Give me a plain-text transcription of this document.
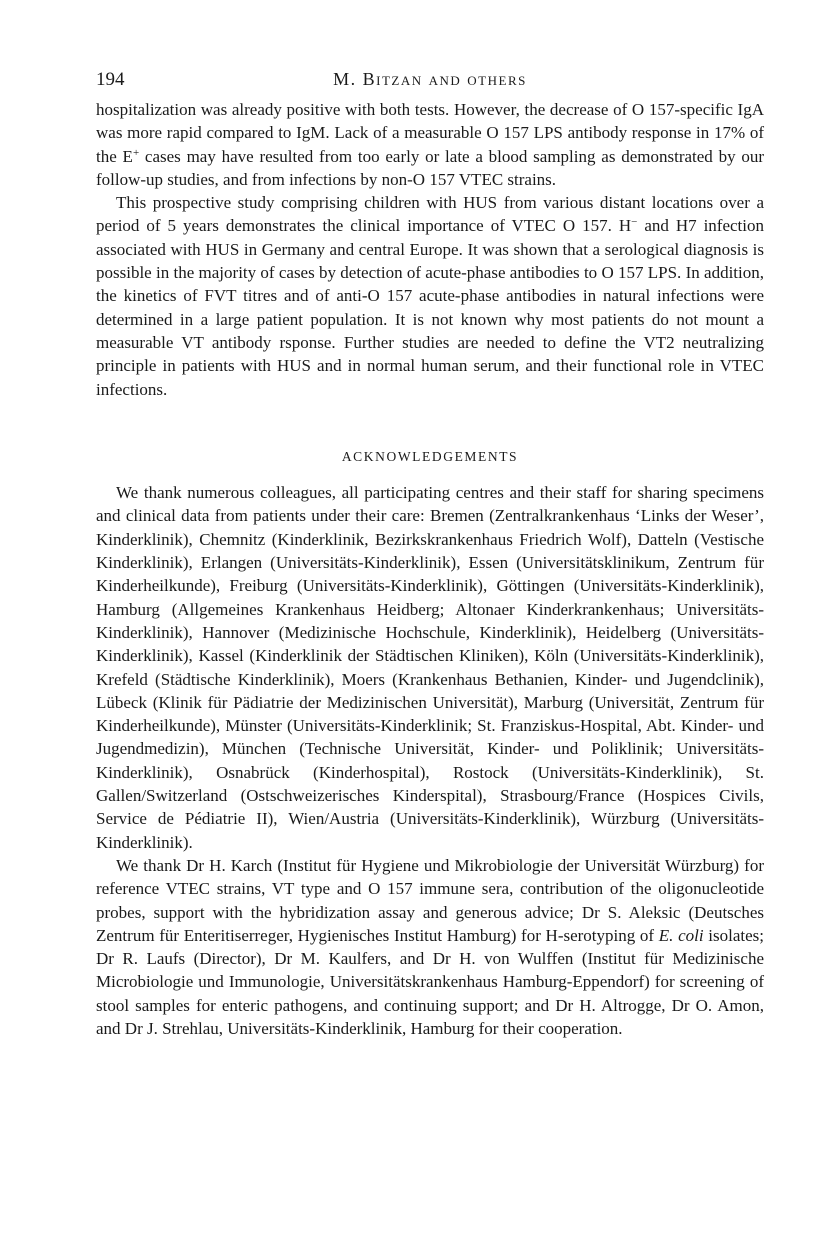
194	M. Bitzan and others

hospitalization was already positive with both tests. However, the decrease of O 157-specific IgA was more rapid compared to IgM. Lack of a measurable O 157 LPS antibody response in 17% of the E+ cases may have resulted from too early or late a blood sampling as demonstrated by our follow-up studies, and from infections by non-O 157 VTEC strains.

This prospective study comprising children with HUS from various distant locations over a period of 5 years demonstrates the clinical importance of VTEC O 157. H− and H7 infection associated with HUS in Germany and central Europe. It was shown that a serological diagnosis is possible in the majority of cases by detection of acute-phase antibodies to O 157 LPS. In addition, the kinetics of FVT titres and of anti-O 157 acute-phase antibodies in natural infections were determined in a large patient population. It is not known why most patients do not mount a measurable VT antibody rsponse. Further studies are needed to define the VT2 neutralizing principle in patients with HUS and in normal human serum, and their functional role in VTEC infections.

ACKNOWLEDGEMENTS

We thank numerous colleagues, all participating centres and their staff for sharing specimens and clinical data from patients under their care: Bremen (Zentralkrankenhaus ‘Links der Weser’, Kinderklinik), Chemnitz (Kinderklinik, Bezirkskrankenhaus Friedrich Wolf), Datteln (Vestische Kinderklinik), Erlangen (Universitäts-Kinderklinik), Essen (Universitätsklinikum, Zentrum für Kinderheilkunde), Freiburg (Universitäts-Kinderklinik), Göttingen (Universitäts-Kinderklinik), Hamburg (Allgemeines Krankenhaus Heidberg; Altonaer Kinderkrankenhaus; Universitäts-Kinderklinik), Hannover (Medizinische Hochschule, Kinderklinik), Heidelberg (Universitäts-Kinderklinik), Kassel (Kinderklinik der Städtischen Kliniken), Köln (Universitäts-Kinderklinik), Krefeld (Städtische Kinderklinik), Moers (Krankenhaus Bethanien, Kinder- und Jugendclinik), Lübeck (Klinik für Pädiatrie der Medizinischen Universität), Marburg (Universität, Zentrum für Kinderheilkunde), Münster (Universitäts-Kinderklinik; St. Franziskus-Hospital, Abt. Kinder- und Jugendmedizin), München (Technische Universität, Kinder- und Poliklinik; Universitäts-Kinderklinik), Osnabrück (Kinderhospital), Rostock (Universitäts-Kinderklinik), St. Gallen/Switzerland (Ostschweizerisches Kinderspital), Strasbourg/France (Hospices Civils, Service de Pédiatrie II), Wien/Austria (Universitäts-Kinderklinik), Würzburg (Universitäts-Kinderklinik).

We thank Dr H. Karch (Institut für Hygiene und Mikrobiologie der Universität Würzburg) for reference VTEC strains, VT type and O 157 immune sera, contribution of the oligonucleotide probes, support with the hybridization assay and generous advice; Dr S. Aleksic (Deutsches Zentrum für Enteritiserreger, Hygienisches Institut Hamburg) for H-serotyping of E. coli isolates; Dr R. Laufs (Director), Dr M. Kaulfers, and Dr H. von Wulffen (Institut für Medizinische Microbiologie und Immunologie, Universitätskrankenhaus Hamburg-Eppendorf) for screening of stool samples for enteric pathogens, and continuing support; and Dr H. Altrogge, Dr O. Amon, and Dr J. Strehlau, Universitäts-Kinderklinik, Hamburg for their cooperation.
